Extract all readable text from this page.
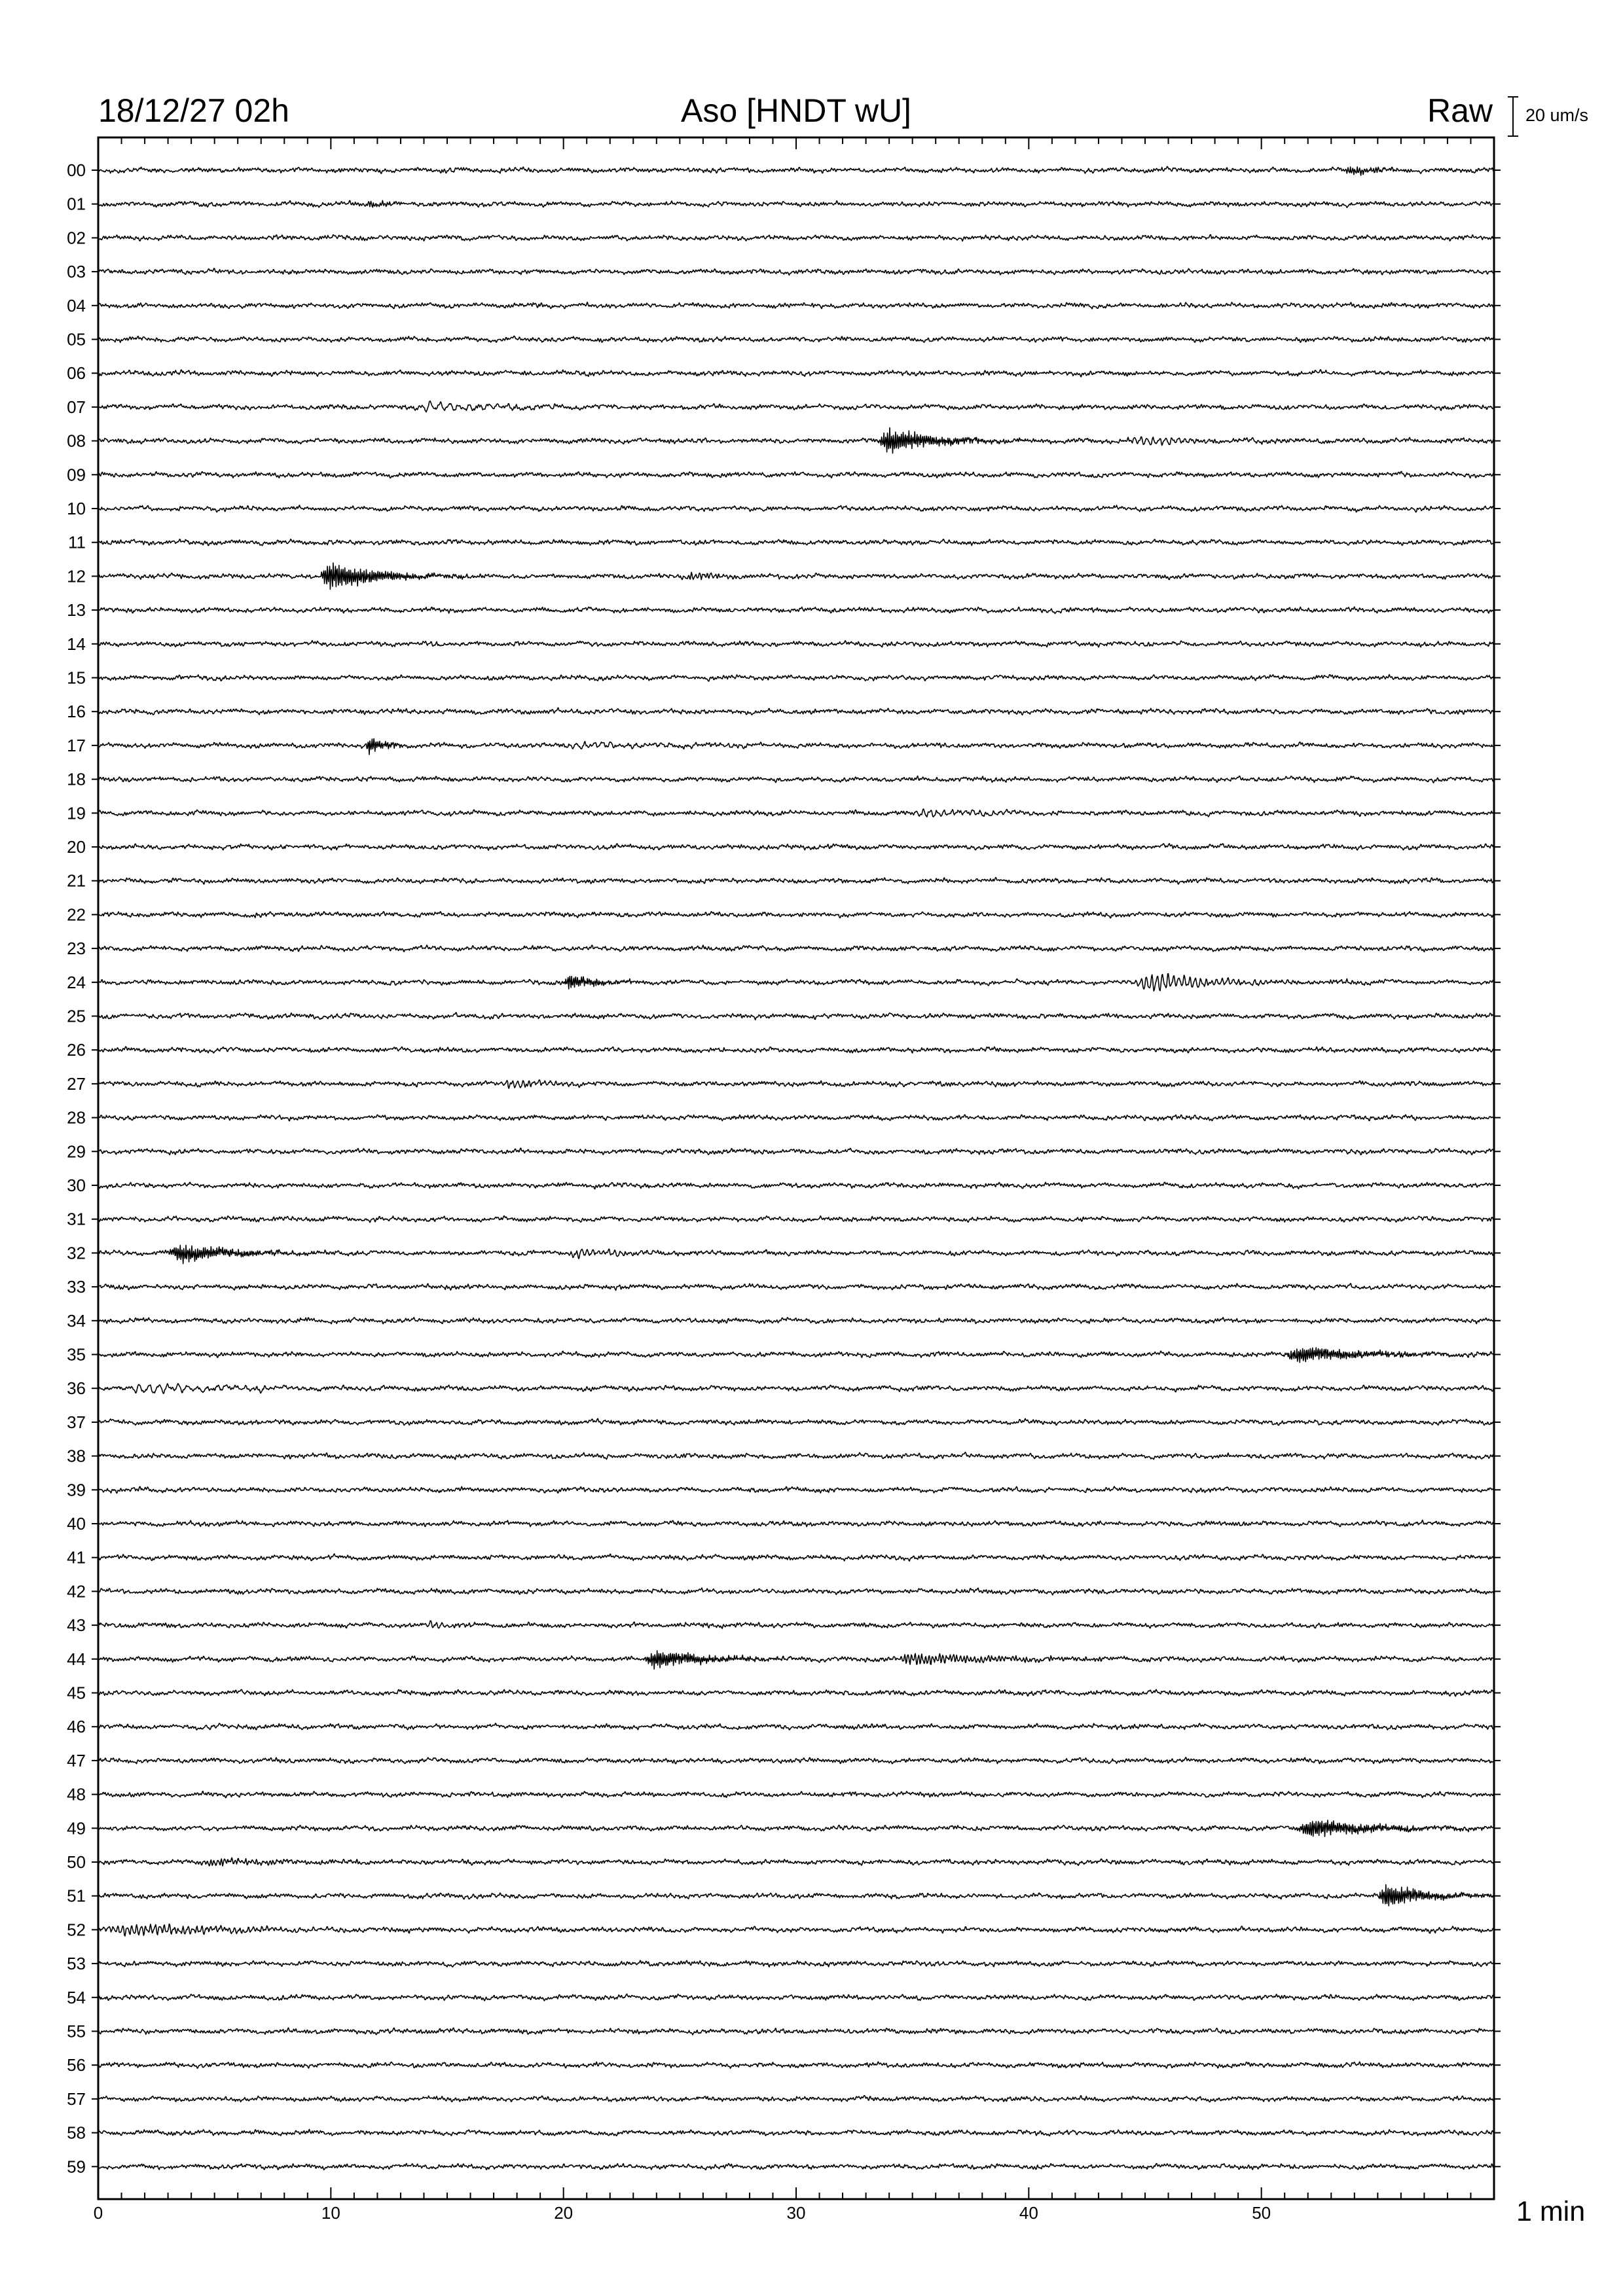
00
01
02
03
04
05
06
07
08
09
10
11
12
13
14
15
16
17
18
19
20
21
22
23
24
25
26
27
28
29
30
31
32
33
34
35
36
37
38
39
40
41
42
43
44
45
46
47
48
49
50
51
52
53
54
55
56
57
58
59
0	10	20	30	40	50
18/12/27 02h	Aso [HNDT wU]	Raw 20 um/s
1 min
